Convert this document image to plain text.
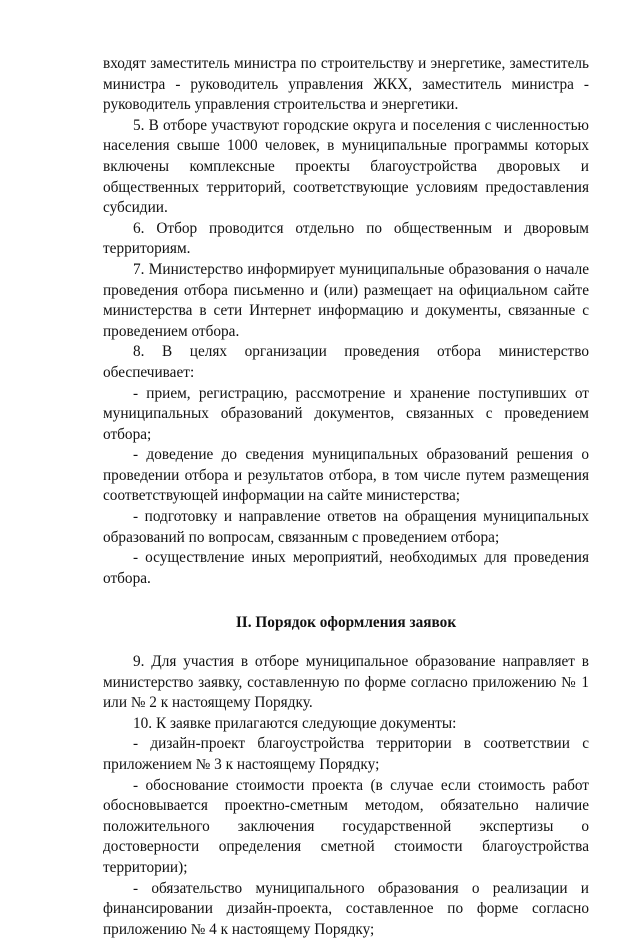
входят заместитель министра по строительству и энергетике, заместитель министра - руководитель управления ЖКХ, заместитель министра - руководитель управления строительства и энергетики.

5. В отборе участвуют городские округа и поселения с численностью населения свыше 1000 человек, в муниципальные программы которых включены комплексные проекты благоустройства дворовых и общественных территорий, соответствующие условиям предоставления субсидии.

6. Отбор проводится отдельно по общественным и дворовым территориям.

7. Министерство информирует муниципальные образования о начале проведения отбора письменно и (или) размещает на официальном сайте министерства в сети Интернет информацию и документы, связанные с проведением отбора.

8. В целях организации проведения отбора министерство обеспечивает:

- прием, регистрацию, рассмотрение и хранение поступивших от муниципальных образований документов, связанных с проведением отбора;

- доведение до сведения муниципальных образований решения о проведении отбора и результатов отбора, в том числе путем размещения соответствующей информации на сайте министерства;

- подготовку и направление ответов на обращения муниципальных образований по вопросам, связанным с проведением отбора;

- осуществление иных мероприятий, необходимых для проведения отбора.

II. Порядок оформления заявок

9. Для участия в отборе муниципальное образование направляет в министерство заявку, составленную по форме согласно приложению № 1 или № 2 к настоящему Порядку.

10. К заявке прилагаются следующие документы:

- дизайн-проект благоустройства территории в соответствии с приложением № 3 к настоящему Порядку;

- обоснование стоимости проекта (в случае если стоимость работ обосновывается проектно-сметным методом, обязательно наличие положительного заключения государственной экспертизы о достоверности определения сметной стоимости благоустройства территории);

- обязательство муниципального образования о реализации и финансировании дизайн-проекта, составленное по форме согласно приложению № 4 к настоящему Порядку;
